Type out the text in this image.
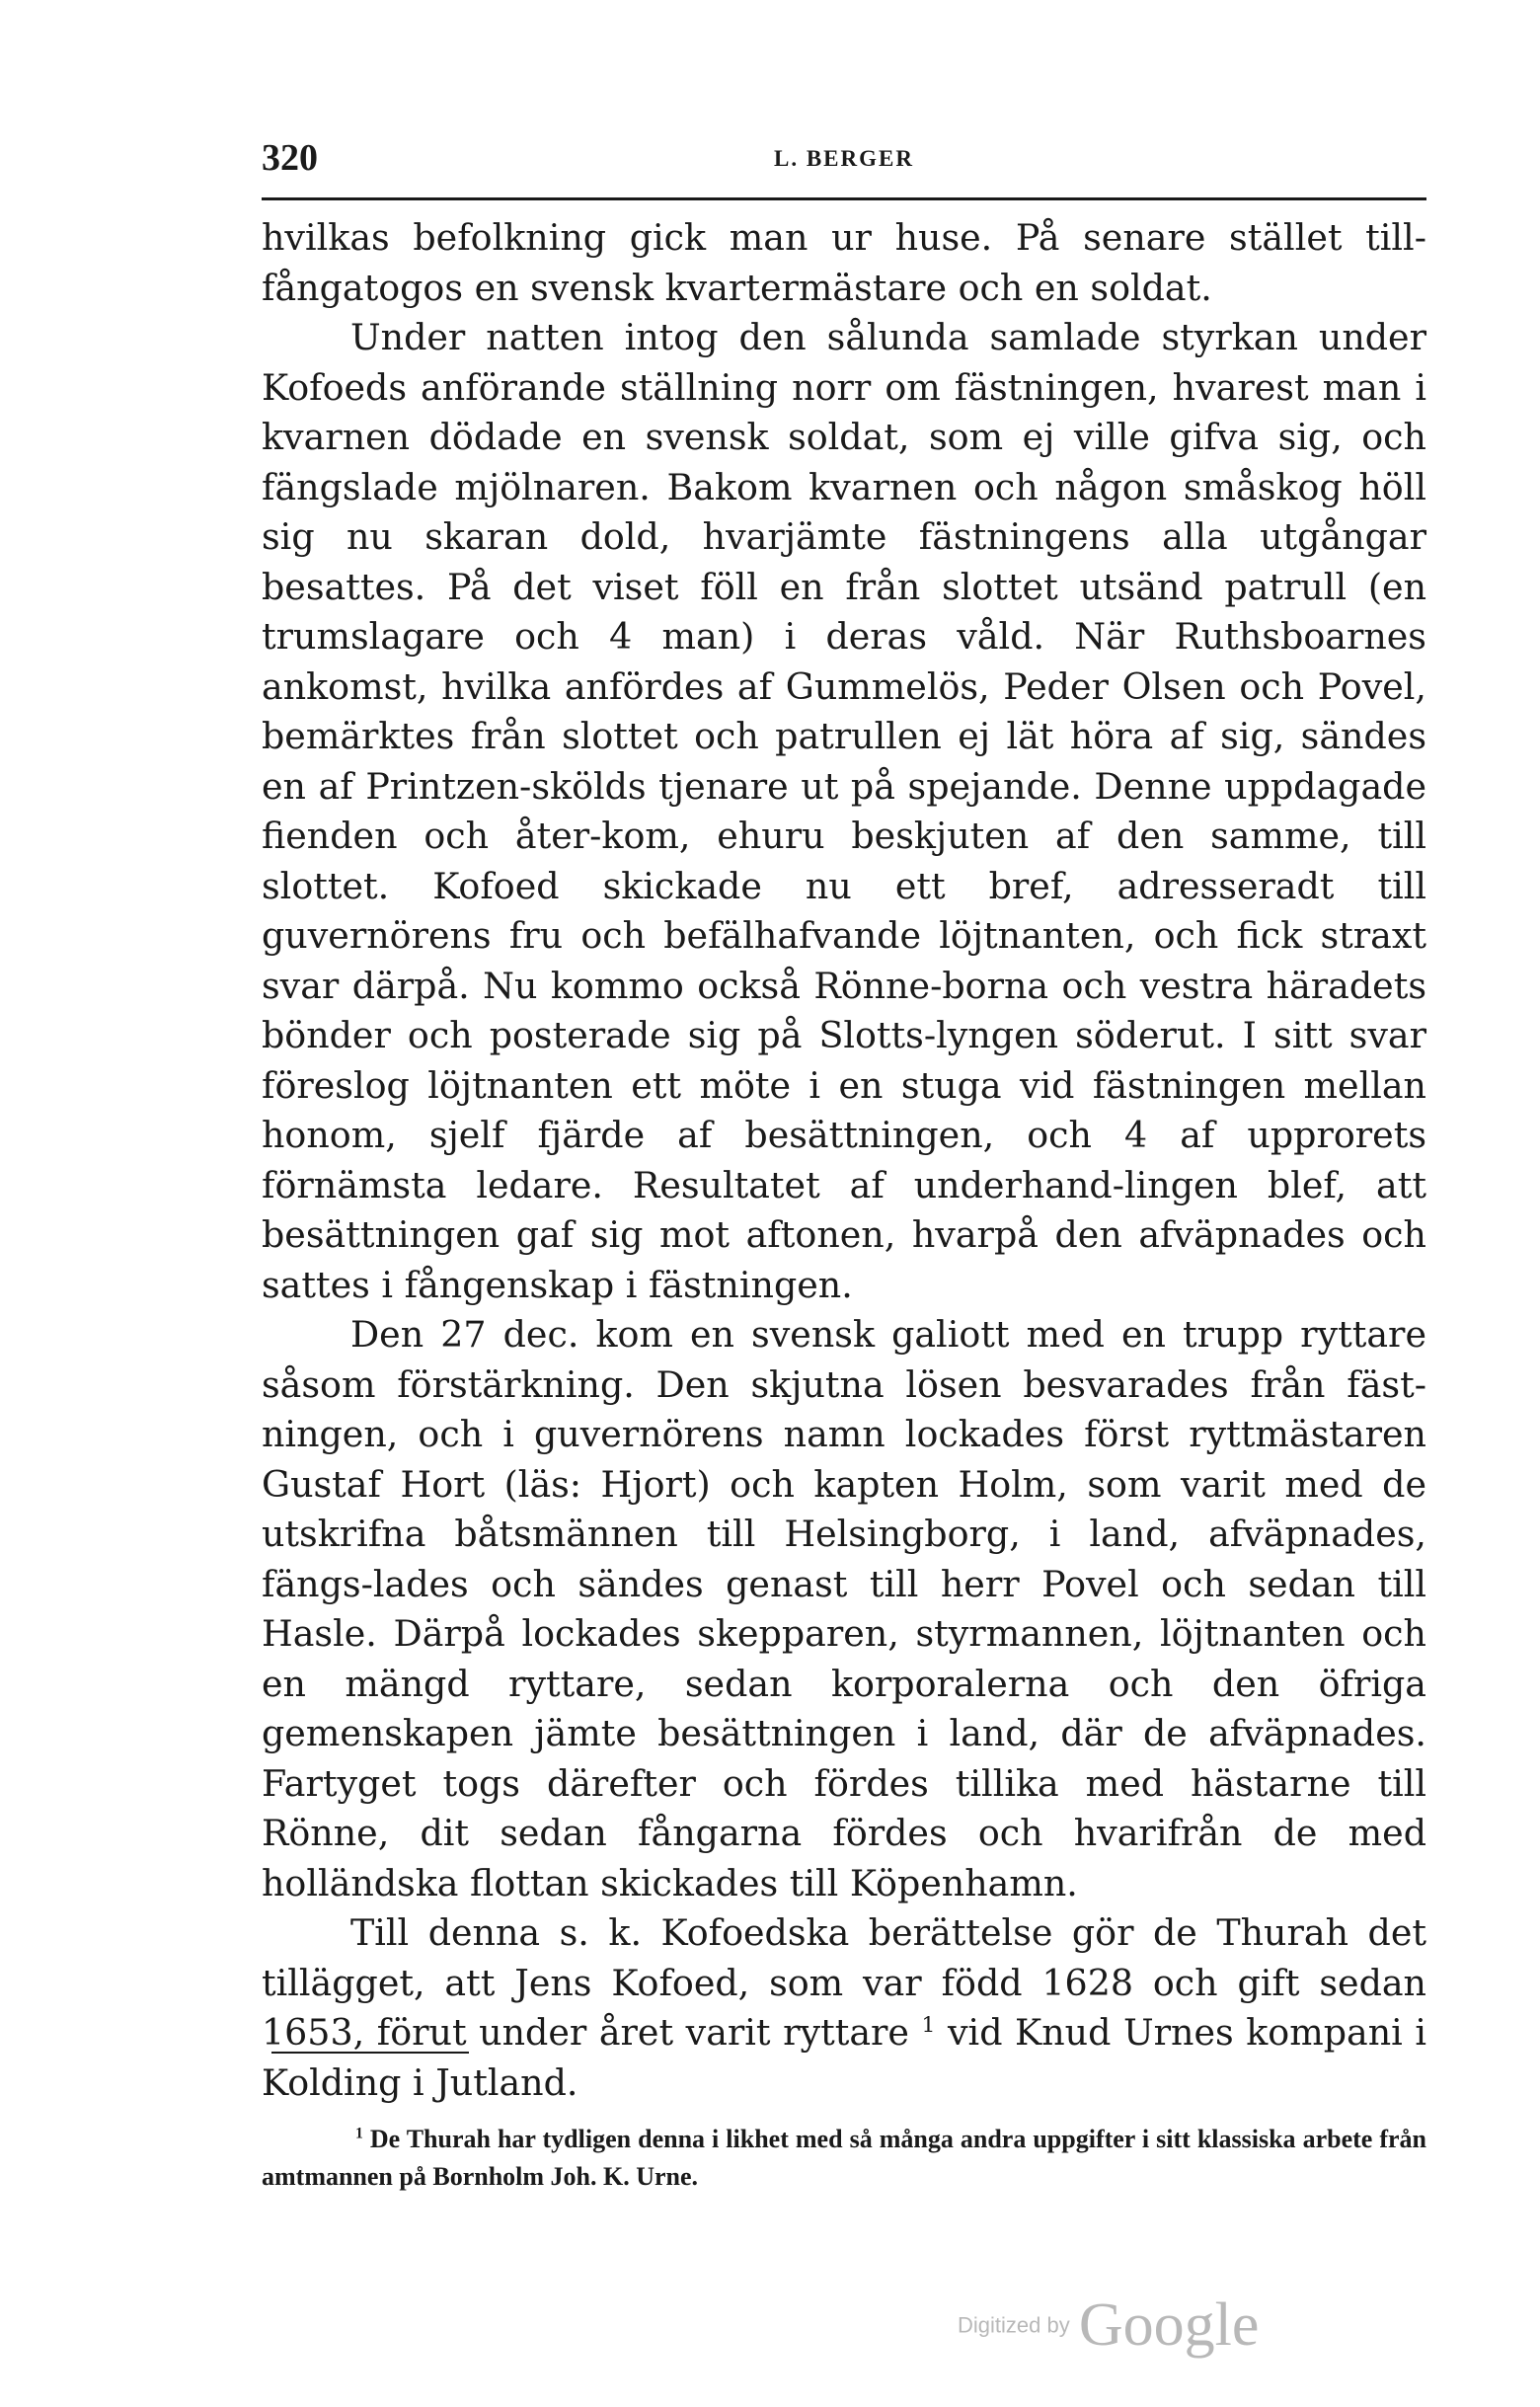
320	L. BERGER

hvilkas befolkning gick man ur huse. På senare stället till-fångatogos en svensk kvartermästare och en soldat.

Under natten intog den sålunda samlade styrkan under Kofoeds anförande ställning norr om fästningen, hvarest man i kvarnen dödade en svensk soldat, som ej ville gifva sig, och fängslade mjölnaren. Bakom kvarnen och någon småskog höll sig nu skaran dold, hvarjämte fästningens alla utgångar besattes. På det viset föll en från slottet utsänd patrull (en trumslagare och 4 man) i deras våld. När Ruthsboarnes ankomst, hvilka anfördes af Gummelös, Peder Olsen och Povel, bemärktes från slottet och patrullen ej lät höra af sig, sändes en af Printzen-skölds tjenare ut på spejande. Denne uppdagade fienden och åter-kom, ehuru beskjuten af den samme, till slottet. Kofoed skickade nu ett bref, adresseradt till guvernörens fru och befälhafvande löjtnanten, och fick straxt svar därpå. Nu kommo också Rönne-borna och vestra häradets bönder och posterade sig på Slotts-lyngen söderut. I sitt svar föreslog löjtnanten ett möte i en stuga vid fästningen mellan honom, sjelf fjärde af besättningen, och 4 af upprorets förnämsta ledare. Resultatet af underhand-lingen blef, att besättningen gaf sig mot aftonen, hvarpå den afväpnades och sattes i fångenskap i fästningen.

Den 27 dec. kom en svensk galiott med en trupp ryttare såsom förstärkning. Den skjutna lösen besvarades från fäst-ningen, och i guvernörens namn lockades först ryttmästaren Gustaf Hort (läs: Hjort) och kapten Holm, som varit med de utskrifna båtsmännen till Helsingborg, i land, afväpnades, fängs-lades och sändes genast till herr Povel och sedan till Hasle. Därpå lockades skepparen, styrmannen, löjtnanten och en mängd ryttare, sedan korporalerna och den öfriga gemenskapen jämte besättningen i land, där de afväpnades. Fartyget togs därefter och fördes tillika med hästarne till Rönne, dit sedan fångarna fördes och hvarifrån de med holländska flottan skickades till Köpenhamn.

Till denna s. k. Kofoedska berättelse gör de Thurah det tillägget, att Jens Kofoed, som var född 1628 och gift sedan 1653, förut under året varit ryttare $^1$ vid Knud Urnes kompani i Kolding i Jutland.

$^1$ De Thurah har tydligen denna i likhet med så många andra uppgifter i sitt klassiska arbete från amtmannen på Bornholm Joh. K. Urne.

Digitized by Google
